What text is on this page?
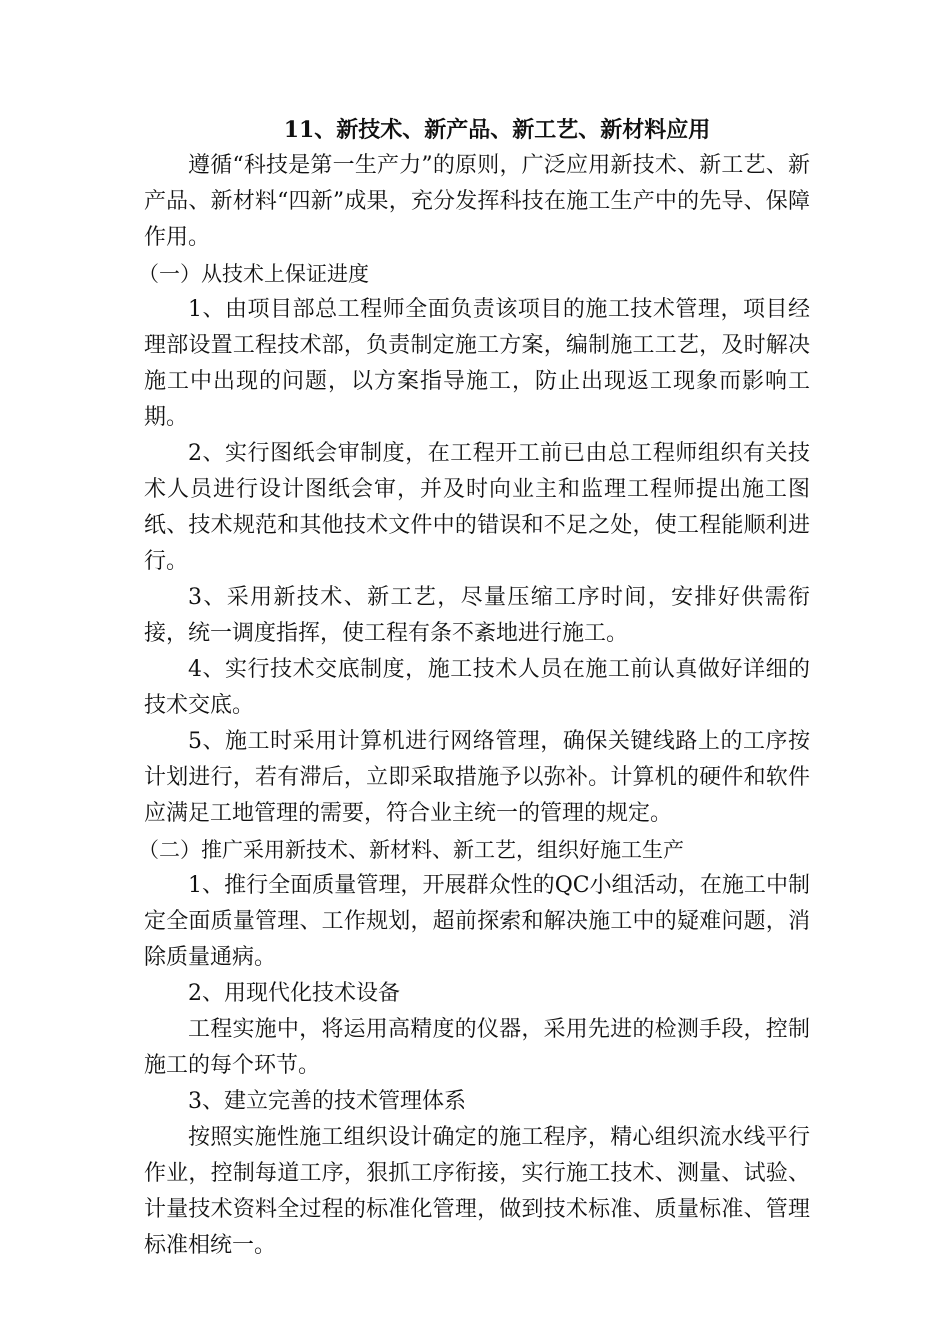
11、新技术、新产品、新工艺、新材料应用

遵循“科技是第一生产力”的原则，广泛应用新技术、新工艺、新产品、新材料“四新”成果，充分发挥科技在施工生产中的先导、保障作用。

（一）从技术上保证进度

1、由项目部总工程师全面负责该项目的施工技术管理，项目经理部设置工程技术部，负责制定施工方案，编制施工工艺，及时解决施工中出现的问题，以方案指导施工，防止出现返工现象而影响工期。

2、实行图纸会审制度，在工程开工前已由总工程师组织有关技术人员进行设计图纸会审，并及时向业主和监理工程师提出施工图纸、技术规范和其他技术文件中的错误和不足之处，使工程能顺利进行。

3、采用新技术、新工艺，尽量压缩工序时间，安排好供需衔接，统一调度指挥，使工程有条不紊地进行施工。

4、实行技术交底制度，施工技术人员在施工前认真做好详细的技术交底。

5、施工时采用计算机进行网络管理，确保关键线路上的工序按计划进行，若有滞后，立即采取措施予以弥补。计算机的硬件和软件应满足工地管理的需要，符合业主统一的管理的规定。

（二）推广采用新技术、新材料、新工艺，组织好施工生产

1、推行全面质量管理，开展群众性的QC小组活动，在施工中制定全面质量管理、工作规划，超前探索和解决施工中的疑难问题，消除质量通病。

2、用现代化技术设备

工程实施中，将运用高精度的仪器，采用先进的检测手段，控制施工的每个环节。

3、建立完善的技术管理体系

按照实施性施工组织设计确定的施工程序，精心组织流水线平行作业，控制每道工序，狠抓工序衔接，实行施工技术、测量、试验、计量技术资料全过程的标准化管理，做到技术标准、质量标准、管理标准相统一。
